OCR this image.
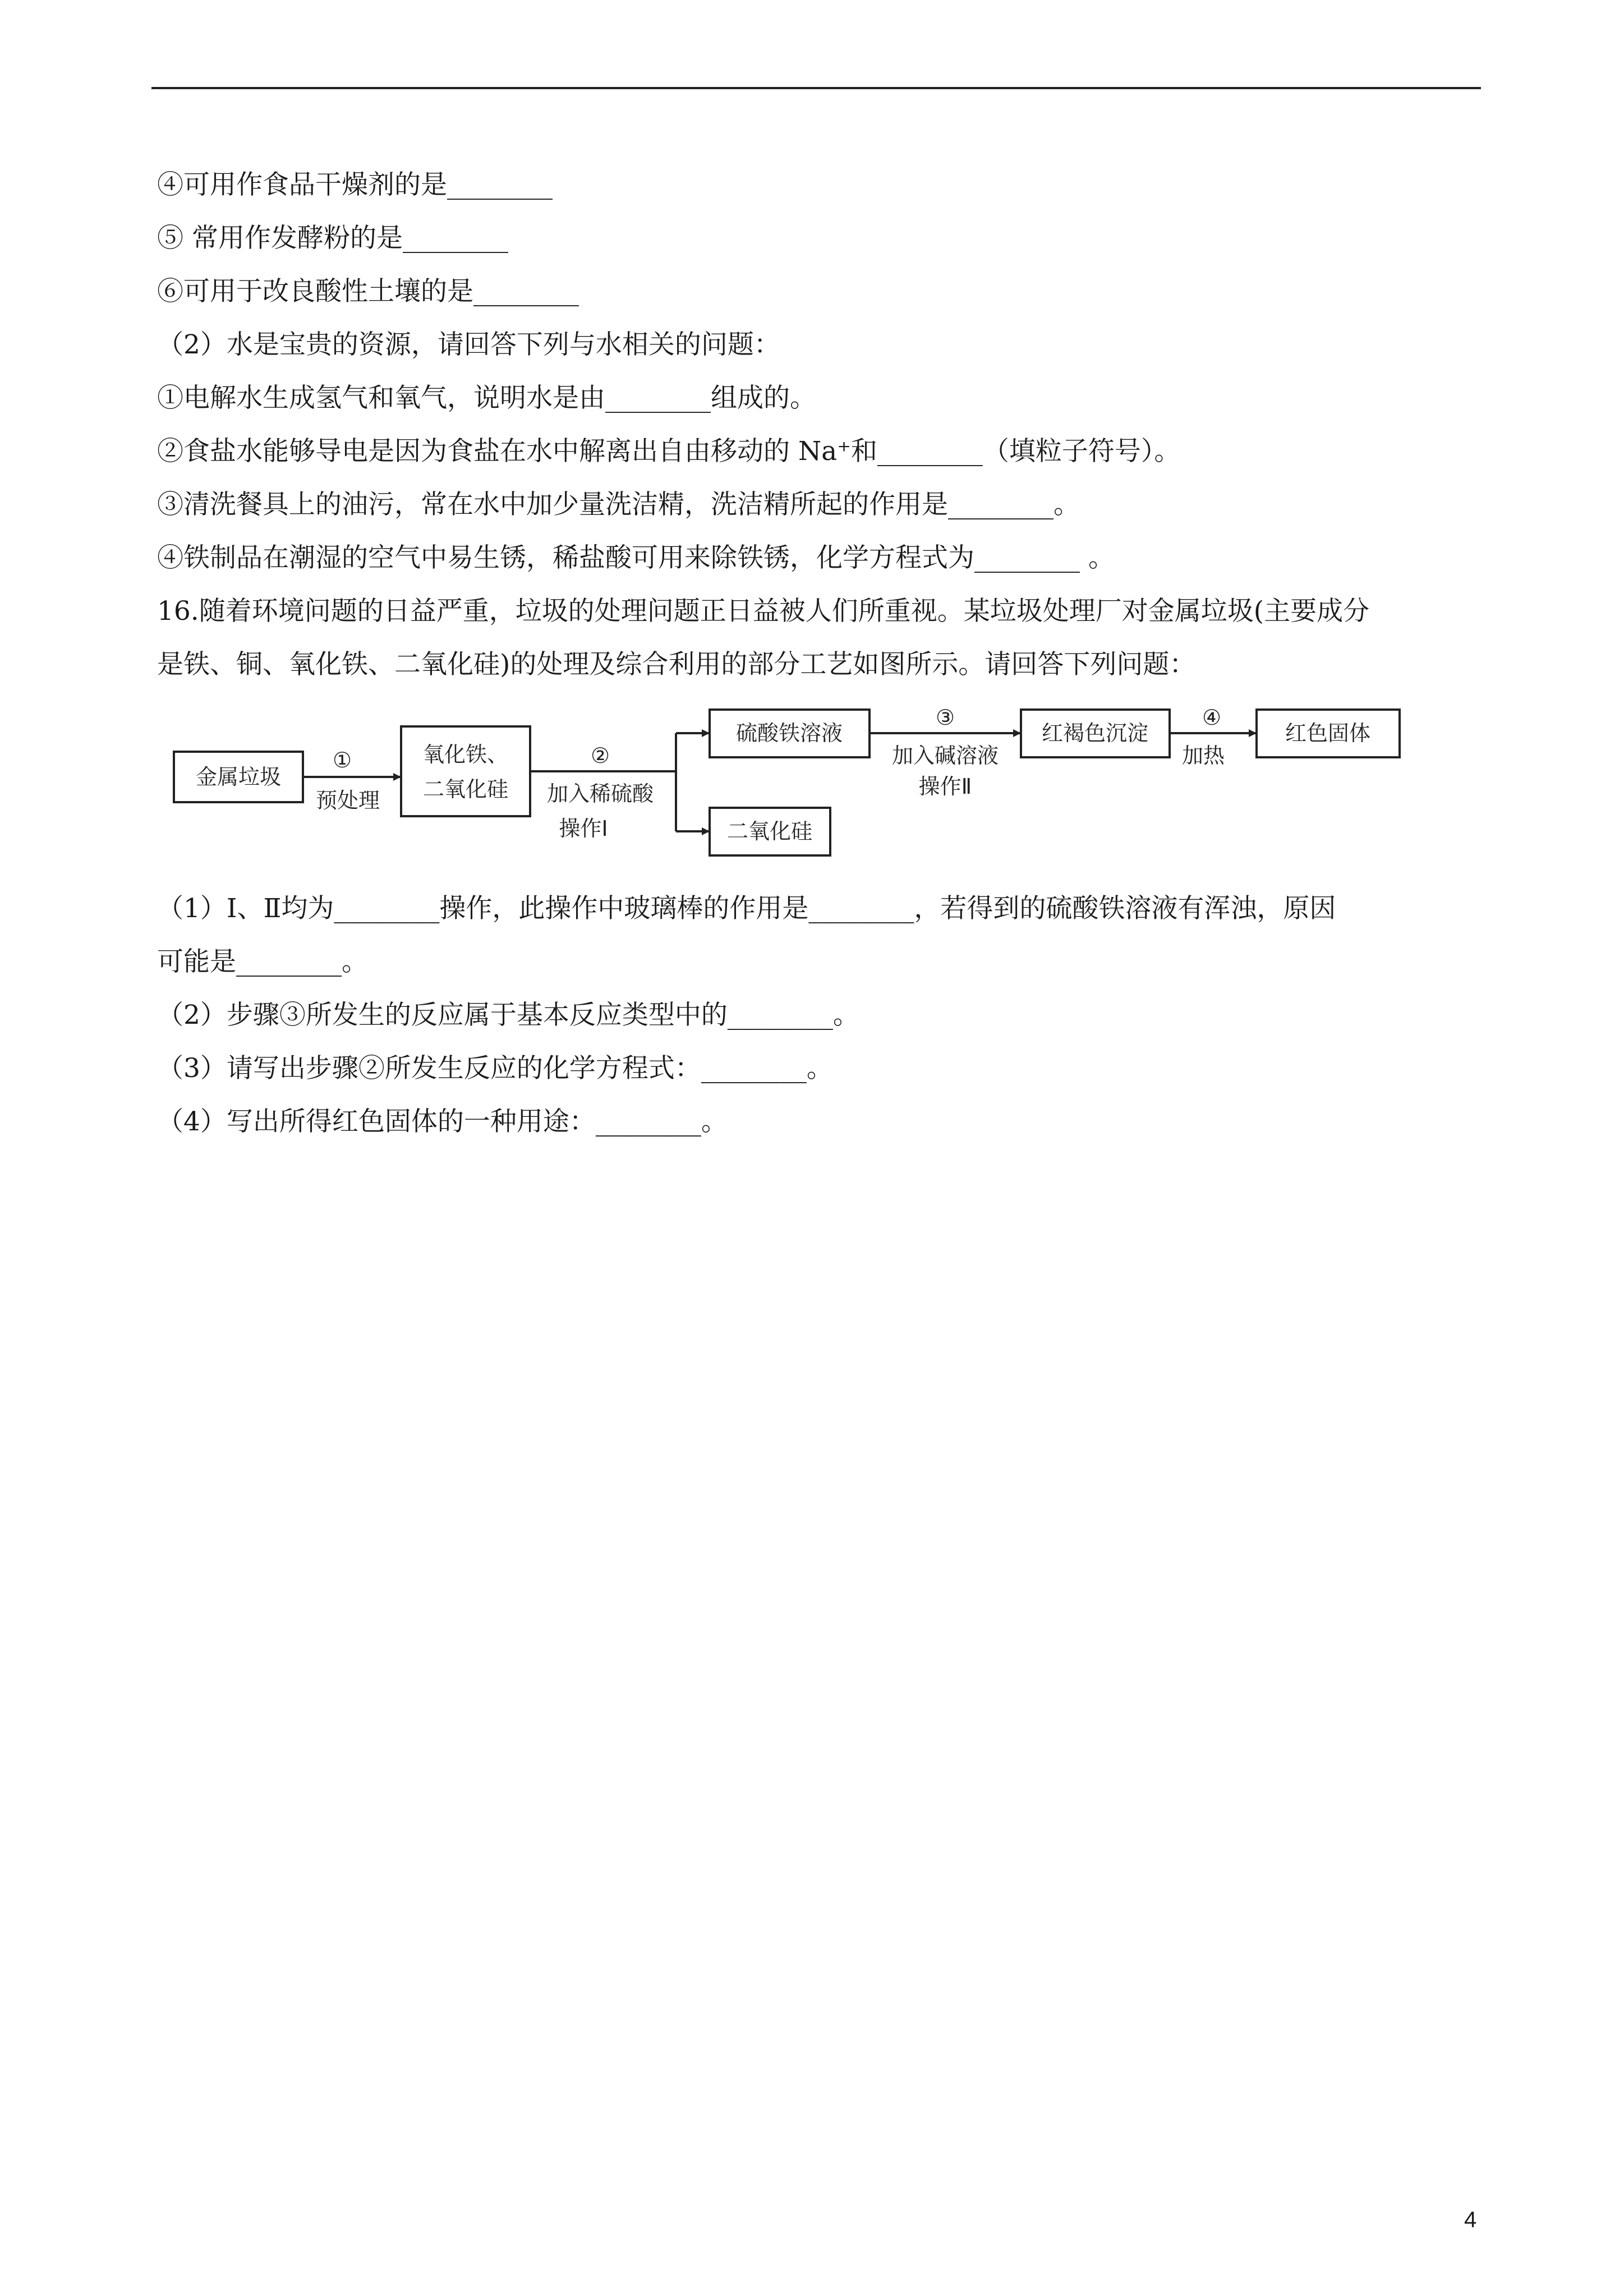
④可用作食品干燥剂的是________
⑤ 常用作发酵粉的是________
⑥可用于改良酸性土壤的是________
（2）水是宝贵的资源，请回答下列与水相关的问题：
①电解水生成氢气和氧气，说明水是由________组成的。
②食盐水能够导电是因为食盐在水中解离出自由移动的 Na⁺和________（填粒子符号）。
③清洗餐具上的油污，常在水中加少量洗洁精，洗洁精所起的作用是________。
④铁制品在潮湿的空气中易生锈，稀盐酸可用来除铁锈，化学方程式为________ 。
16.随着环境问题的日益严重，垃圾的处理问题正日益被人们所重视。某垃圾处理厂对金属垃圾(主要成分
是铁、铜、氧化铁、二氧化硅)的处理及综合利用的部分工艺如图所示。请回答下列问题：
金属垃圾
氧化铁、
二氧化硅
硫酸铁溶液
二氧化硅
红褐色沉淀	红色固体
①
预处理
②
加入稀硫酸
操作Ⅰ
③
加入碱溶液
操作Ⅱ
④
加热
（1）Ⅰ、Ⅱ均为________操作，此操作中玻璃棒的作用是________，若得到的硫酸铁溶液有浑浊，原因
可能是________。
（2）步骤③所发生的反应属于基本反应类型中的________。
（3）请写出步骤②所发生反应的化学方程式：________。
（4）写出所得红色固体的一种用途：________。
4
